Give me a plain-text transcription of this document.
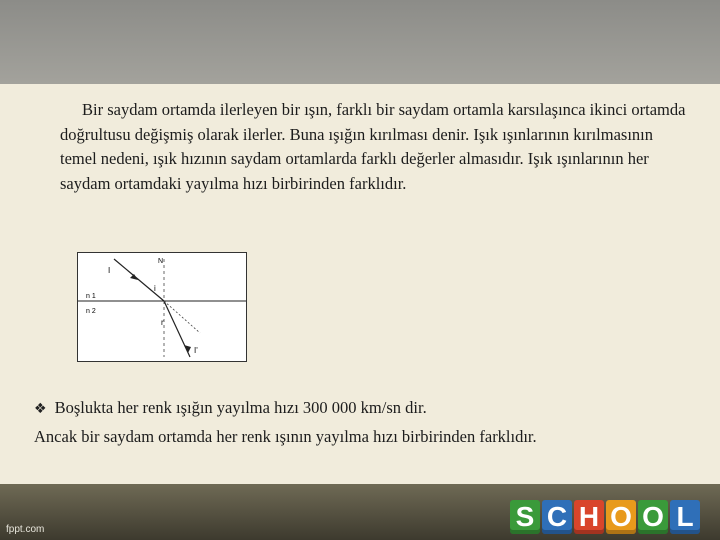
Bir saydam ortamda ilerleyen bir ışın, farklı bir saydam ortamla karsılaşınca ikinci ortamda doğrultusu değişmiş olarak ilerler. Buna ışığın kırılması denir. Işık ışınlarının kırılmasının temel nedeni, ışık hızının saydam ortamlarda farklı değerler almasıdır. Işık ışınlarının her saydam ortamdaki yayılma hızı birbirinden farklıdır.

N
I
i
r
n 1
n 2
I'
❖ Boşlukta her renk ışığın yayılma hızı 300 000 km/sn dir.
Ancak bir saydam ortamda her renk ışının yayılma hızı birbirinden farklıdır.
fppt.com	S C H O O L
